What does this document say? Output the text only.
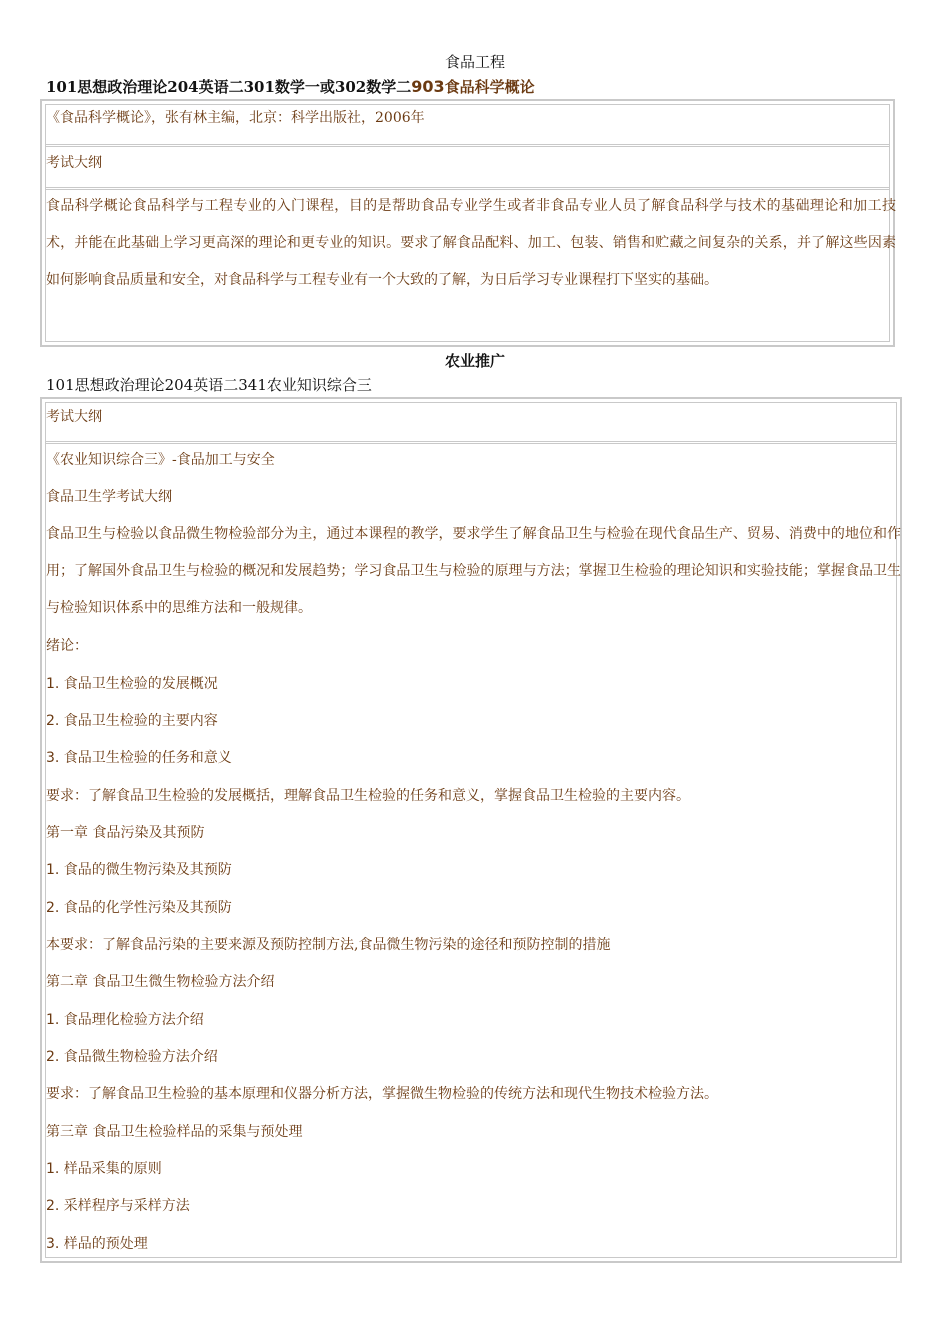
食品工程
101思想政治理论204英语二301数学一或302数学二903食品科学概论
《食品科学概论》，张有林主编，北京：科学出版社，2006年
考试大纲
食品科学概论食品科学与工程专业的入门课程，目的是帮助食品专业学生或者非食品专业人员了解食品科学与技术的基础理论和加工技术，并能在此基础上学习更高深的理论和更专业的知识。要求了解食品配料、加工、包装、销售和贮藏之间复杂的关系，并了解这些因素如何影响食品质量和安全，对食品科学与工程专业有一个大致的了解，为日后学习专业课程打下坚实的基础。
农业推广
101思想政治理论204英语二341农业知识综合三
考试大纲
《农业知识综合三》-食品加工与安全
食品卫生学考试大纲
食品卫生与检验以食品微生物检验部分为主，通过本课程的教学，要求学生了解食品卫生与检验在现代食品生产、贸易、消费中的地位和作用；了解国外食品卫生与检验的概况和发展趋势；学习食品卫生与检验的原理与方法；掌握卫生检验的理论知识和实验技能；掌握食品卫生与检验知识体系中的思维方法和一般规律。
绪论：
1. 食品卫生检验的发展概况
2. 食品卫生检验的主要内容
3. 食品卫生检验的任务和意义
要求：了解食品卫生检验的发展概括，理解食品卫生检验的任务和意义，掌握食品卫生检验的主要内容。
第一章 食品污染及其预防
1. 食品的微生物污染及其预防
2. 食品的化学性污染及其预防
本要求：了解食品污染的主要来源及预防控制方法,食品微生物污染的途径和预防控制的措施
第二章 食品卫生微生物检验方法介绍
1. 食品理化检验方法介绍
2. 食品微生物检验方法介绍
要求：了解食品卫生检验的基本原理和仪器分析方法，掌握微生物检验的传统方法和现代生物技术检验方法。
第三章 食品卫生检验样品的采集与预处理
1. 样品采集的原则
2. 采样程序与采样方法
3. 样品的预处理
